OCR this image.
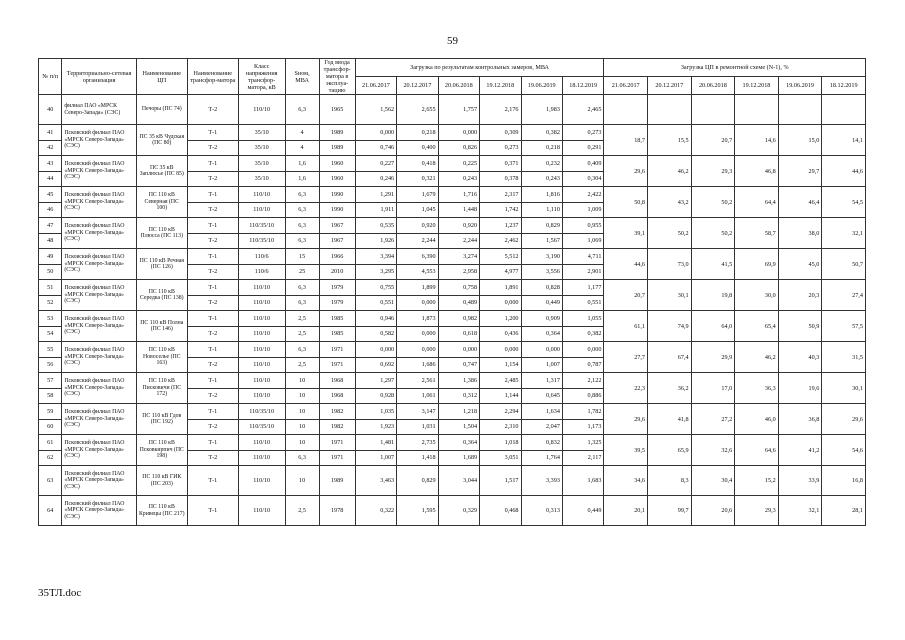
59
№ п/п	Территориально-сетевая организация	Наименование ЦП	Наименование трансфор-матора	Класс напряжения трансфор-матора, кВ	Sном, МВА	Год ввода трансфор-матора в эксплуа-тацию	Загрузка по результатам контрольных замеров, МВА						Загрузка ЦП в ремонтной схеме (N-1), %					
							21.06.2017	20.12.2017	20.06.2018	19.12.2018	19.06.2019	18.12.2019	21.06.2017	20.12.2017	20.06.2018	19.12.2018	19.06.2019	18.12.2019
40	филиал ПАО «МРСК Северо-Запада» (СЭС)	Печоры (ПС 74)	Т-2	110/10	6,3	1965	1,562	2,655	1,757	2,176	1,983	2,465						
41	Псковский филиал ПАО «МРСК Северо-Запада» (СЭС)	ПС 35 кВ Чудская (ПС 80)	Т-1	35/10	4	1989	0,000	0,218	0,000	0,309	0,382	0,273	18,7	15,5	20,7	14,6	15,0	14,1
42			Т-2	35/10	4	1989	0,746	0,400	0,826	0,273	0,218	0,291						
43	Псковский филиал ПАО «МРСК Северо-Запада» (СЭС)	ПС 35 кВ Заплюсье (ПС 85)	Т-1	35/10	1,6	1960	0,227	0,418	0,225	0,371	0,232	0,409	29,6	46,2	29,3	46,8	29,7	44,6
44			Т-2	35/10	1,6	1960	0,246	0,321	0,243	0,378	0,243	0,304						
45	Псковский филиал ПАО «МРСК Северо-Запада» (СЭС)	ПС 110 кВ Северная (ПС 100)	Т-1	110/10	6,3	1990	1,291	1,679	1,716	2,317	1,816	2,422	50,8	43,2	50,2	64,4	46,4	54,5
46			Т-2	110/10	6,3	1990	1,911	1,045	1,448	1,742	1,110	1,009						
47	Псковский филиал ПАО «МРСК Северо-Запада» (СЭС)	ПС 110 кВ Плюсса (ПС 113)	Т-1	110/35/10	6,3	1967	0,535	0,920	0,920	1,237	0,829	0,955	39,1	50,2	50,2	58,7	38,0	32,1
48			Т-2	110/35/10	6,3	1967	1,926	2,244	2,244	2,462	1,567	1,069						
49	Псковский филиал ПАО «МРСК Северо-Запада» (СЭС)	ПС 110 кВ Речная (ПС 126)	Т-1	110/6	15	1966	3,394	6,390	3,274	5,512	3,190	4,711	44,6	73,0	41,5	69,9	45,0	50,7
50			Т-2	110/6	25	2010	3,295	4,553	2,958	4,977	3,556	2,901						
51	Псковский филиал ПАО «МРСК Северо-Запада» (СЭС)	ПС 110 кВ Середка (ПС 138)	Т-1	110/10	6,3	1979	0,755	1,899	0,758	1,891	0,828	1,177	20,7	30,1	19,8	30,0	20,3	27,4
52			Т-2	110/10	6,3	1979	0,551	0,000	0,489	0,000	0,449	0,551						
53	Псковский филиал ПАО «МРСК Северо-Запада» (СЭС)	ПС 110 кВ Полна (ПС 146)	Т-1	110/10	2,5	1985	0,946	1,873	0,982	1,200	0,909	1,055	61,1	74,9	64,0	65,4	50,9	57,5
54			Т-2	110/10	2,5	1985	0,582	0,000	0,618	0,436	0,364	0,382						
55	Псковский филиал ПАО «МРСК Северо-Запада» (СЭС)	ПС 110 кВ Новоселье (ПС 163)	Т-1	110/10	6,3	1971	0,000	0,000	0,000	0,000	0,000	0,000	27,7	67,4	29,9	46,2	40,3	31,5
56			Т-2	110/10	2,5	1971	0,692	1,686	0,747	1,154	1,007	0,787						
57	Псковский филиал ПАО «МРСК Северо-Запада» (СЭС)	ПС 110 кВ Писковичи (ПС 172)	Т-1	110/10	10	1968	1,297	2,561	1,386	2,485	1,317	2,122	22,3	36,2	17,0	36,3	19,6	30,1
58			Т-2	110/10	10	1968	0,928	1,061	0,312	1,144	0,645	0,886						
59	Псковский филиал ПАО «МРСК Северо-Запада» (СЭС)	ПС 110 кВ Гдов (ПС 192)	Т-1	110/35/10	10	1982	1,035	3,147	1,218	2,294	1,634	1,782	29,6	41,8	27,2	46,0	36,8	29,6
60			Т-2	110/35/10	10	1982	1,923	1,031	1,504	2,310	2,047	1,173						
61	Псковский филиал ПАО «МРСК Северо-Запада» (СЭС)	ПС 110 кВ Псковкирпич (ПС 198)	Т-1	110/10	10	1971	1,481	2,735	0,364	1,018	0,832	1,325	39,5	65,9	32,6	64,6	41,2	54,6
62			Т-2	110/10	6,3	1971	1,007	1,418	1,689	3,051	1,764	2,117						
63	Псковский филиал ПАО «МРСК Северо-Запада» (СЭС)	ПС 110 кВ ГИК (ПС 203)	Т-1	110/10	10	1989	3,463	0,829	3,044	1,517	3,393	1,683	34,6	8,3	30,4	15,2	33,9	16,8
64	Псковский филиал ПАО «МРСК Северо-Запада» (СЭС)	ПС 110 кВ Кривецы (ПС 217)	Т-1	110/10	2,5	1978	0,322	1,595	0,329	0,468	0,313	0,449	20,1	99,7	20,6	29,3	32,1	28,1
35ТЛ.doc
